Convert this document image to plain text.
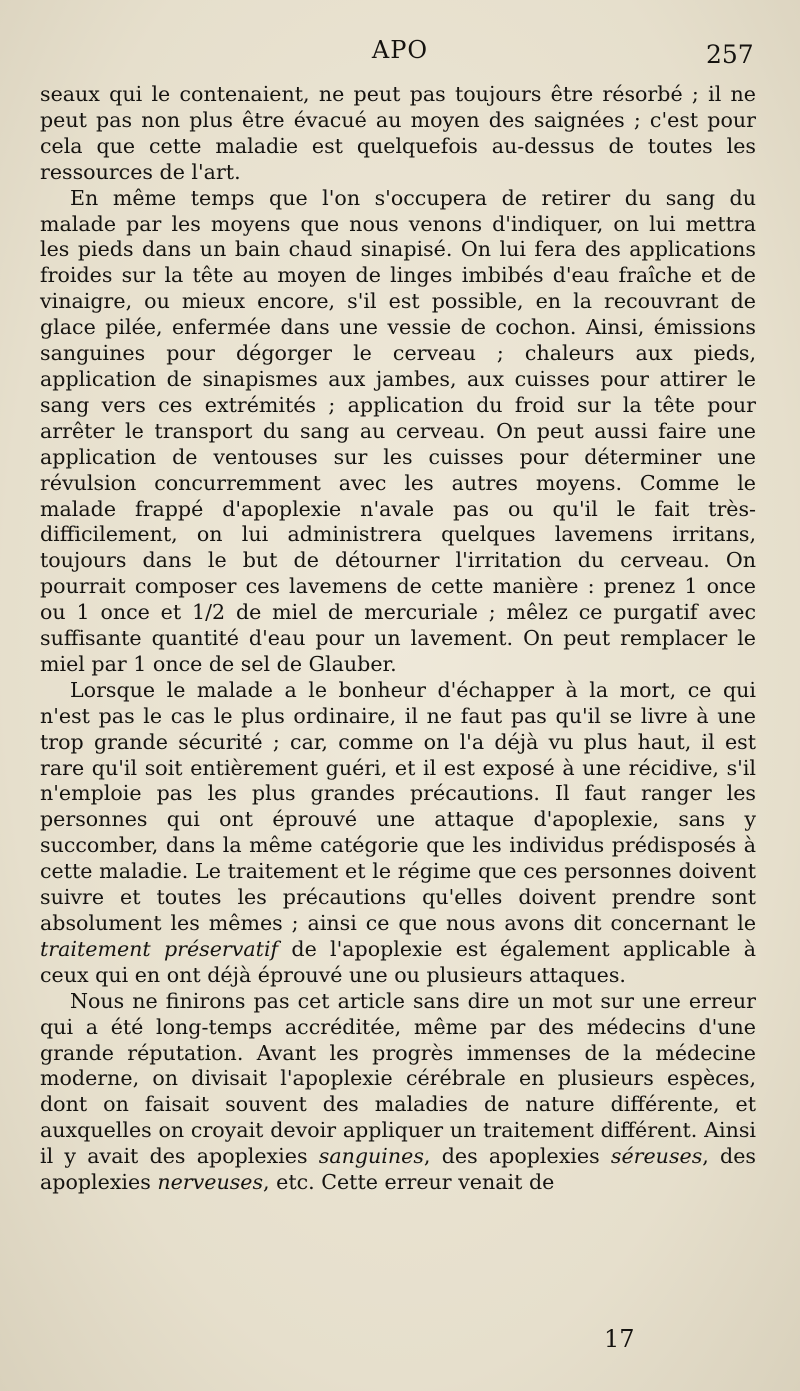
APO	257

seaux qui le contenaient, ne peut pas toujours être résorbé ; il ne peut pas non plus être évacué au moyen des saignées ; c'est pour cela que cette maladie est quelquefois au-dessus de toutes les ressources de l'art.

En même temps que l'on s'occupera de retirer du sang du malade par les moyens que nous venons d'indiquer, on lui mettra les pieds dans un bain chaud sinapisé. On lui fera des applications froides sur la tête au moyen de linges imbibés d'eau fraîche et de vinaigre, ou mieux encore, s'il est possible, en la recouvrant de glace pilée, enfermée dans une vessie de cochon. Ainsi, émissions sanguines pour dégorger le cerveau ; chaleurs aux pieds, application de sinapismes aux jambes, aux cuisses pour attirer le sang vers ces extrémités ; application du froid sur la tête pour arrêter le transport du sang au cerveau. On peut aussi faire une application de ventouses sur les cuisses pour déterminer une révulsion concurremment avec les autres moyens. Comme le malade frappé d'apoplexie n'avale pas ou qu'il le fait très-difficilement, on lui administrera quelques lavemens irritans, toujours dans le but de détourner l'irritation du cerveau. On pourrait composer ces lavemens de cette manière : prenez 1 once ou 1 once et 1/2 de miel de mercuriale ; mêlez ce purgatif avec suffisante quantité d'eau pour un lavement. On peut remplacer le miel par 1 once de sel de Glauber.

Lorsque le malade a le bonheur d'échapper à la mort, ce qui n'est pas le cas le plus ordinaire, il ne faut pas qu'il se livre à une trop grande sécurité ; car, comme on l'a déjà vu plus haut, il est rare qu'il soit entièrement guéri, et il est exposé à une récidive, s'il n'emploie pas les plus grandes précautions. Il faut ranger les personnes qui ont éprouvé une attaque d'apoplexie, sans y succomber, dans la même catégorie que les individus prédisposés à cette maladie. Le traitement et le régime que ces personnes doivent suivre et toutes les précautions qu'elles doivent prendre sont absolument les mêmes ; ainsi ce que nous avons dit concernant le traitement préservatif de l'apoplexie est également applicable à ceux qui en ont déjà éprouvé une ou plusieurs attaques.

Nous ne finirons pas cet article sans dire un mot sur une erreur qui a été long-temps accréditée, même par des médecins d'une grande réputation. Avant les progrès immenses de la médecine moderne, on divisait l'apoplexie cérébrale en plusieurs espèces, dont on faisait souvent des maladies de nature différente, et auxquelles on croyait devoir appliquer un traitement différent. Ainsi il y avait des apoplexies sanguines, des apoplexies séreuses, des apoplexies nerveuses, etc. Cette erreur venait de

17
